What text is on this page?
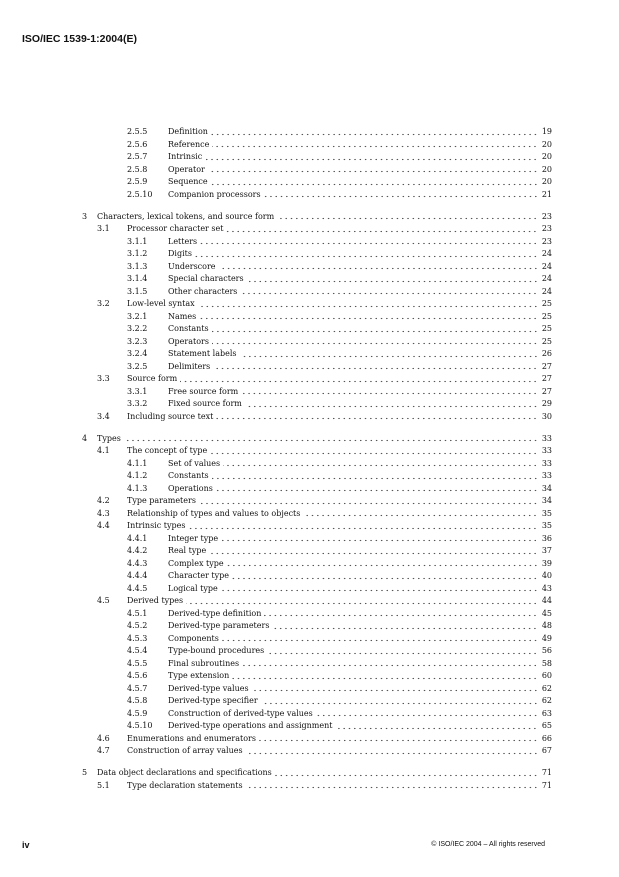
ISO/IEC 1539-1:2004(E)
2.5.5	Definition	19
2.5.6	Reference	20
2.5.7	Intrinsic	20
2.5.8	Operator	20
2.5.9	Sequence	20
2.5.10	Companion processors	21
3	Characters, lexical tokens, and source form	23
3.1	Processor character set	23
3.1.1	Letters	23
3.1.2	Digits	24
3.1.3	Underscore	24
3.1.4	Special characters	24
3.1.5	Other characters	24
3.2	Low-level syntax	25
3.2.1	Names	25
3.2.2	Constants	25
3.2.3	Operators	25
3.2.4	Statement labels	26
3.2.5	Delimiters	27
3.3	Source form	27
3.3.1	Free source form	27
3.3.2	Fixed source form	29
3.4	Including source text	30
4	Types	33
4.1	The concept of type	33
4.1.1	Set of values	33
4.1.2	Constants	33
4.1.3	Operations	34
4.2	Type parameters	34
4.3	Relationship of types and values to objects	35
4.4	Intrinsic types	35
4.4.1	Integer type	36
4.4.2	Real type	37
4.4.3	Complex type	39
4.4.4	Character type	40
4.4.5	Logical type	43
4.5	Derived types	44
4.5.1	Derived-type definition	45
4.5.2	Derived-type parameters	48
4.5.3	Components	49
4.5.4	Type-bound procedures	56
4.5.5	Final subroutines	58
4.5.6	Type extension	60
4.5.7	Derived-type values	62
4.5.8	Derived-type specifier	62
4.5.9	Construction of derived-type values	63
4.5.10	Derived-type operations and assignment	65
4.6	Enumerations and enumerators	66
4.7	Construction of array values	67
5	Data object declarations and specifications	71
5.1	Type declaration statements	71
iv	© ISO/IEC 2004 – All rights reserved
